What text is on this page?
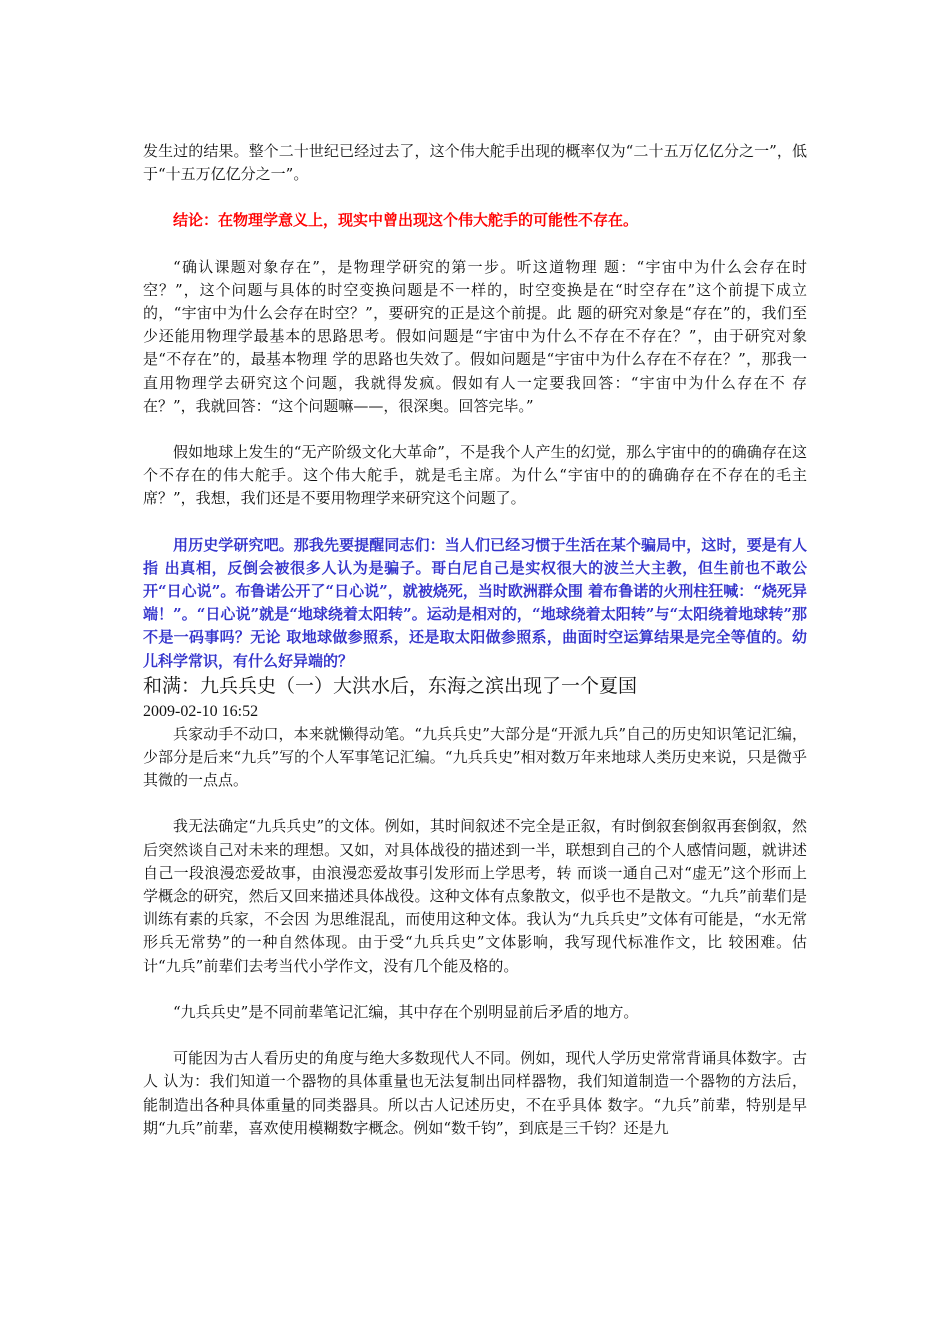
发生过的结果。整个二十世纪已经过去了，这个伟大舵手出现的概率仅为“二十五万亿亿分之一”，低于“十五万亿亿分之一”。

结论：在物理学意义上，现实中曾出现这个伟大舵手的可能性不存在。

“确认课题对象存在”，是物理学研究的第一步。听这道物理 题：“宇宙中为什么会存在时 空？”，这个问题与具体的时空变换问题是不一样的，时空变换是在“时空存在”这个前提下成立的，“宇宙中为什么会存在时空？”，要研究的正是这个前提。此 题的研究对象是“存在”的，我们至少还能用物理学最基本的思路思考。假如问题是“宇宙中为什么不存在不存在？”，由于研究对象是“不存在”的，最基本物理 学的思路也失效了。假如问题是“宇宙中为什么存在不存在？”，那我一直用物理学去研究这个问题，我就得发疯。假如有人一定要我回答：“宇宙中为什么存在不 存在？”，我就回答：“这个问题嘛——，很深奥。回答完毕。”

假如地球上发生的“无产阶级文化大革命”，不是我个人产生的幻觉，那么宇宙中的的确确存在这个不存在的伟大舵手。这个伟大舵手，就是毛主席。为什么“宇宙中的的确确存在不存在的毛主席？”，我想，我们还是不要用物理学来研究这个问题了。

用历史学研究吧。那我先要提醒同志们：当人们已经习惯于生活在某个骗局中，这时，要是有人指 出真相，反倒会被很多人认为是骗子。哥白尼自己是实权很大的波兰大主教，但生前也不敢公开“日心说”。布鲁诺公开了“日心说”，就被烧死，当时欧洲群众围 着布鲁诺的火刑柱狂喊：“烧死异端！”。“日心说”就是“地球绕着太阳转”。运动是相对的，“地球绕着太阳转”与“太阳绕着地球转”那不是一码事吗？无论 取地球做参照系，还是取太阳做参照系，曲面时空运算结果是完全等值的。幼儿科学常识，有什么好异端的？

和满：九兵兵史（一）大洪水后，东海之滨出现了一个夏国
2009-02-10 16:52

兵家动手不动口，本来就懒得动笔。“九兵兵史”大部分是“开派九兵”自己的历史知识笔记汇编，少部分是后来“九兵”写的个人军事笔记汇编。“九兵兵史”相对数万年来地球人类历史来说，只是微乎其微的一点点。

我无法确定“九兵兵史”的文体。例如，其时间叙述不完全是正叙，有时倒叙套倒叙再套倒叙，然 后突然谈自己对未来的理想。又如，对具体战役的描述到一半，联想到自己的个人感情问题，就讲述自己一段浪漫恋爱故事，由浪漫恋爱故事引发形而上学思考，转 而谈一通自己对“虚无”这个形而上学概念的研究，然后又回来描述具体战役。这种文体有点象散文，似乎也不是散文。“九兵”前辈们是训练有素的兵家，不会因 为思维混乱，而使用这种文体。我认为“九兵兵史”文体有可能是，“水无常形兵无常势”的一种自然体现。由于受“九兵兵史”文体影响，我写现代标准作文，比 较困难。估计“九兵”前辈们去考当代小学作文，没有几个能及格的。

“九兵兵史”是不同前辈笔记汇编，其中存在个别明显前后矛盾的地方。

可能因为古人看历史的角度与绝大多数现代人不同。例如，现代人学历史常常背诵具体数字。古人 认为：我们知道一个器物的具体重量也无法复制出同样器物，我们知道制造一个器物的方法后，能制造出各种具体重量的同类器具。所以古人记述历史，不在乎具体 数字。“九兵”前辈，特别是早期“九兵”前辈，喜欢使用模糊数字概念。例如“数千钧”，到底是三千钧？还是九
